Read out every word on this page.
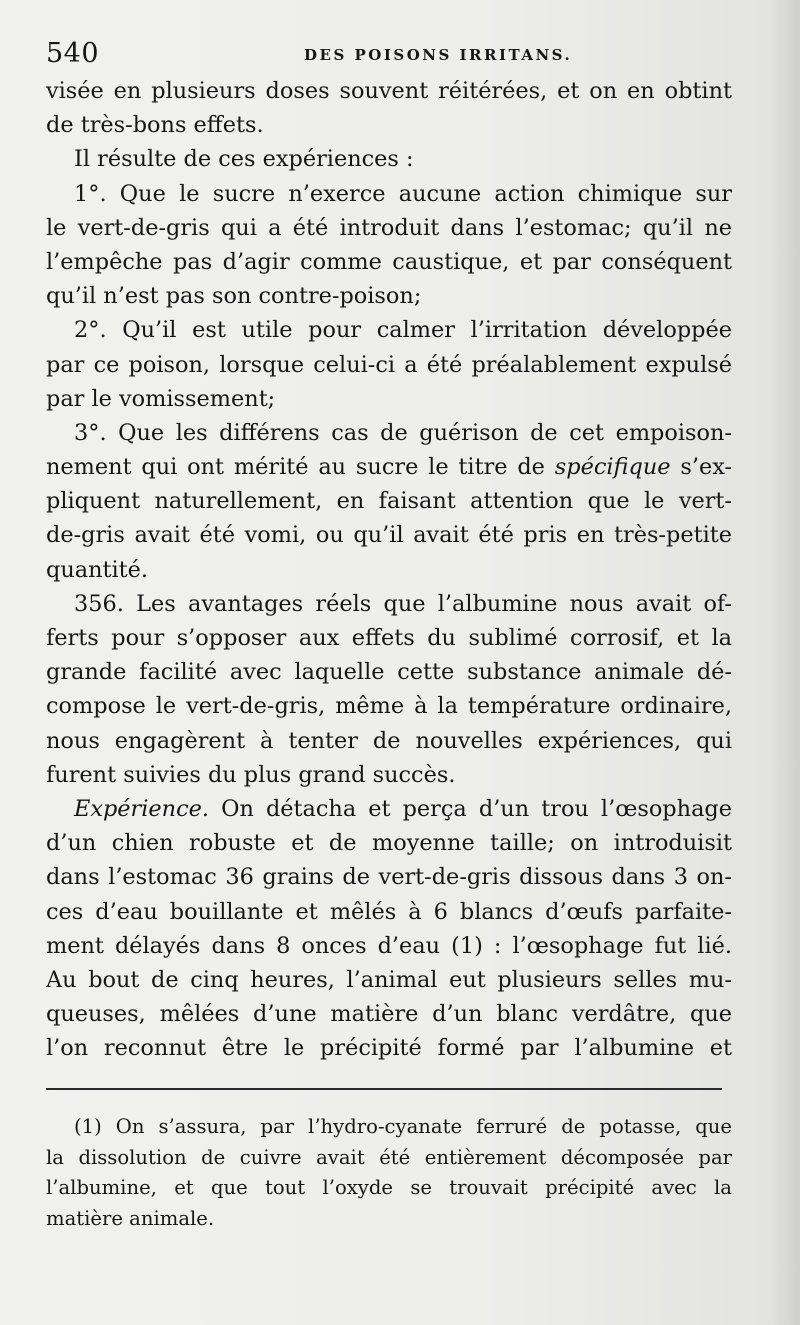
540	DES POISONS IRRITANS.
visée en plusieurs doses souvent réitérées, et on en obtint
de très-bons effets.
Il résulte de ces expériences :
1°. Que le sucre n’exerce aucune action chimique sur
le vert-de-gris qui a été introduit dans l’estomac; qu’il ne
l’empêche pas d’agir comme caustique, et par conséquent
qu’il n’est pas son contre-poison;
2°. Qu’il est utile pour calmer l’irritation développée
par ce poison, lorsque celui-ci a été préalablement expulsé
par le vomissement;
3°. Que les différens cas de guérison de cet empoison-
nement qui ont mérité au sucre le titre de spécifique s’ex-
pliquent naturellement, en faisant attention que le vert-
de-gris avait été vomi, ou qu’il avait été pris en très-petite
quantité.
356. Les avantages réels que l’albumine nous avait of-
ferts pour s’opposer aux effets du sublimé corrosif, et la
grande facilité avec laquelle cette substance animale dé-
compose le vert-de-gris, même à la température ordinaire,
nous engagèrent à tenter de nouvelles expériences, qui
furent suivies du plus grand succès.
Expérience. On détacha et perça d’un trou l’œsophage
d’un chien robuste et de moyenne taille; on introduisit
dans l’estomac 36 grains de vert-de-gris dissous dans 3 on-
ces d’eau bouillante et mêlés à 6 blancs d’œufs parfaite-
ment délayés dans 8 onces d’eau (1) : l’œsophage fut lié.
Au bout de cinq heures, l’animal eut plusieurs selles mu-
queuses, mêlées d’une matière d’un blanc verdâtre, que
l’on reconnut être le précipité formé par l’albumine et
(1) On s’assura, par l’hydro-cyanate ferruré de potasse, que
la dissolution de cuivre avait été entièrement décomposée par
l’albumine, et que tout l’oxyde se trouvait précipité avec la
matière animale.
